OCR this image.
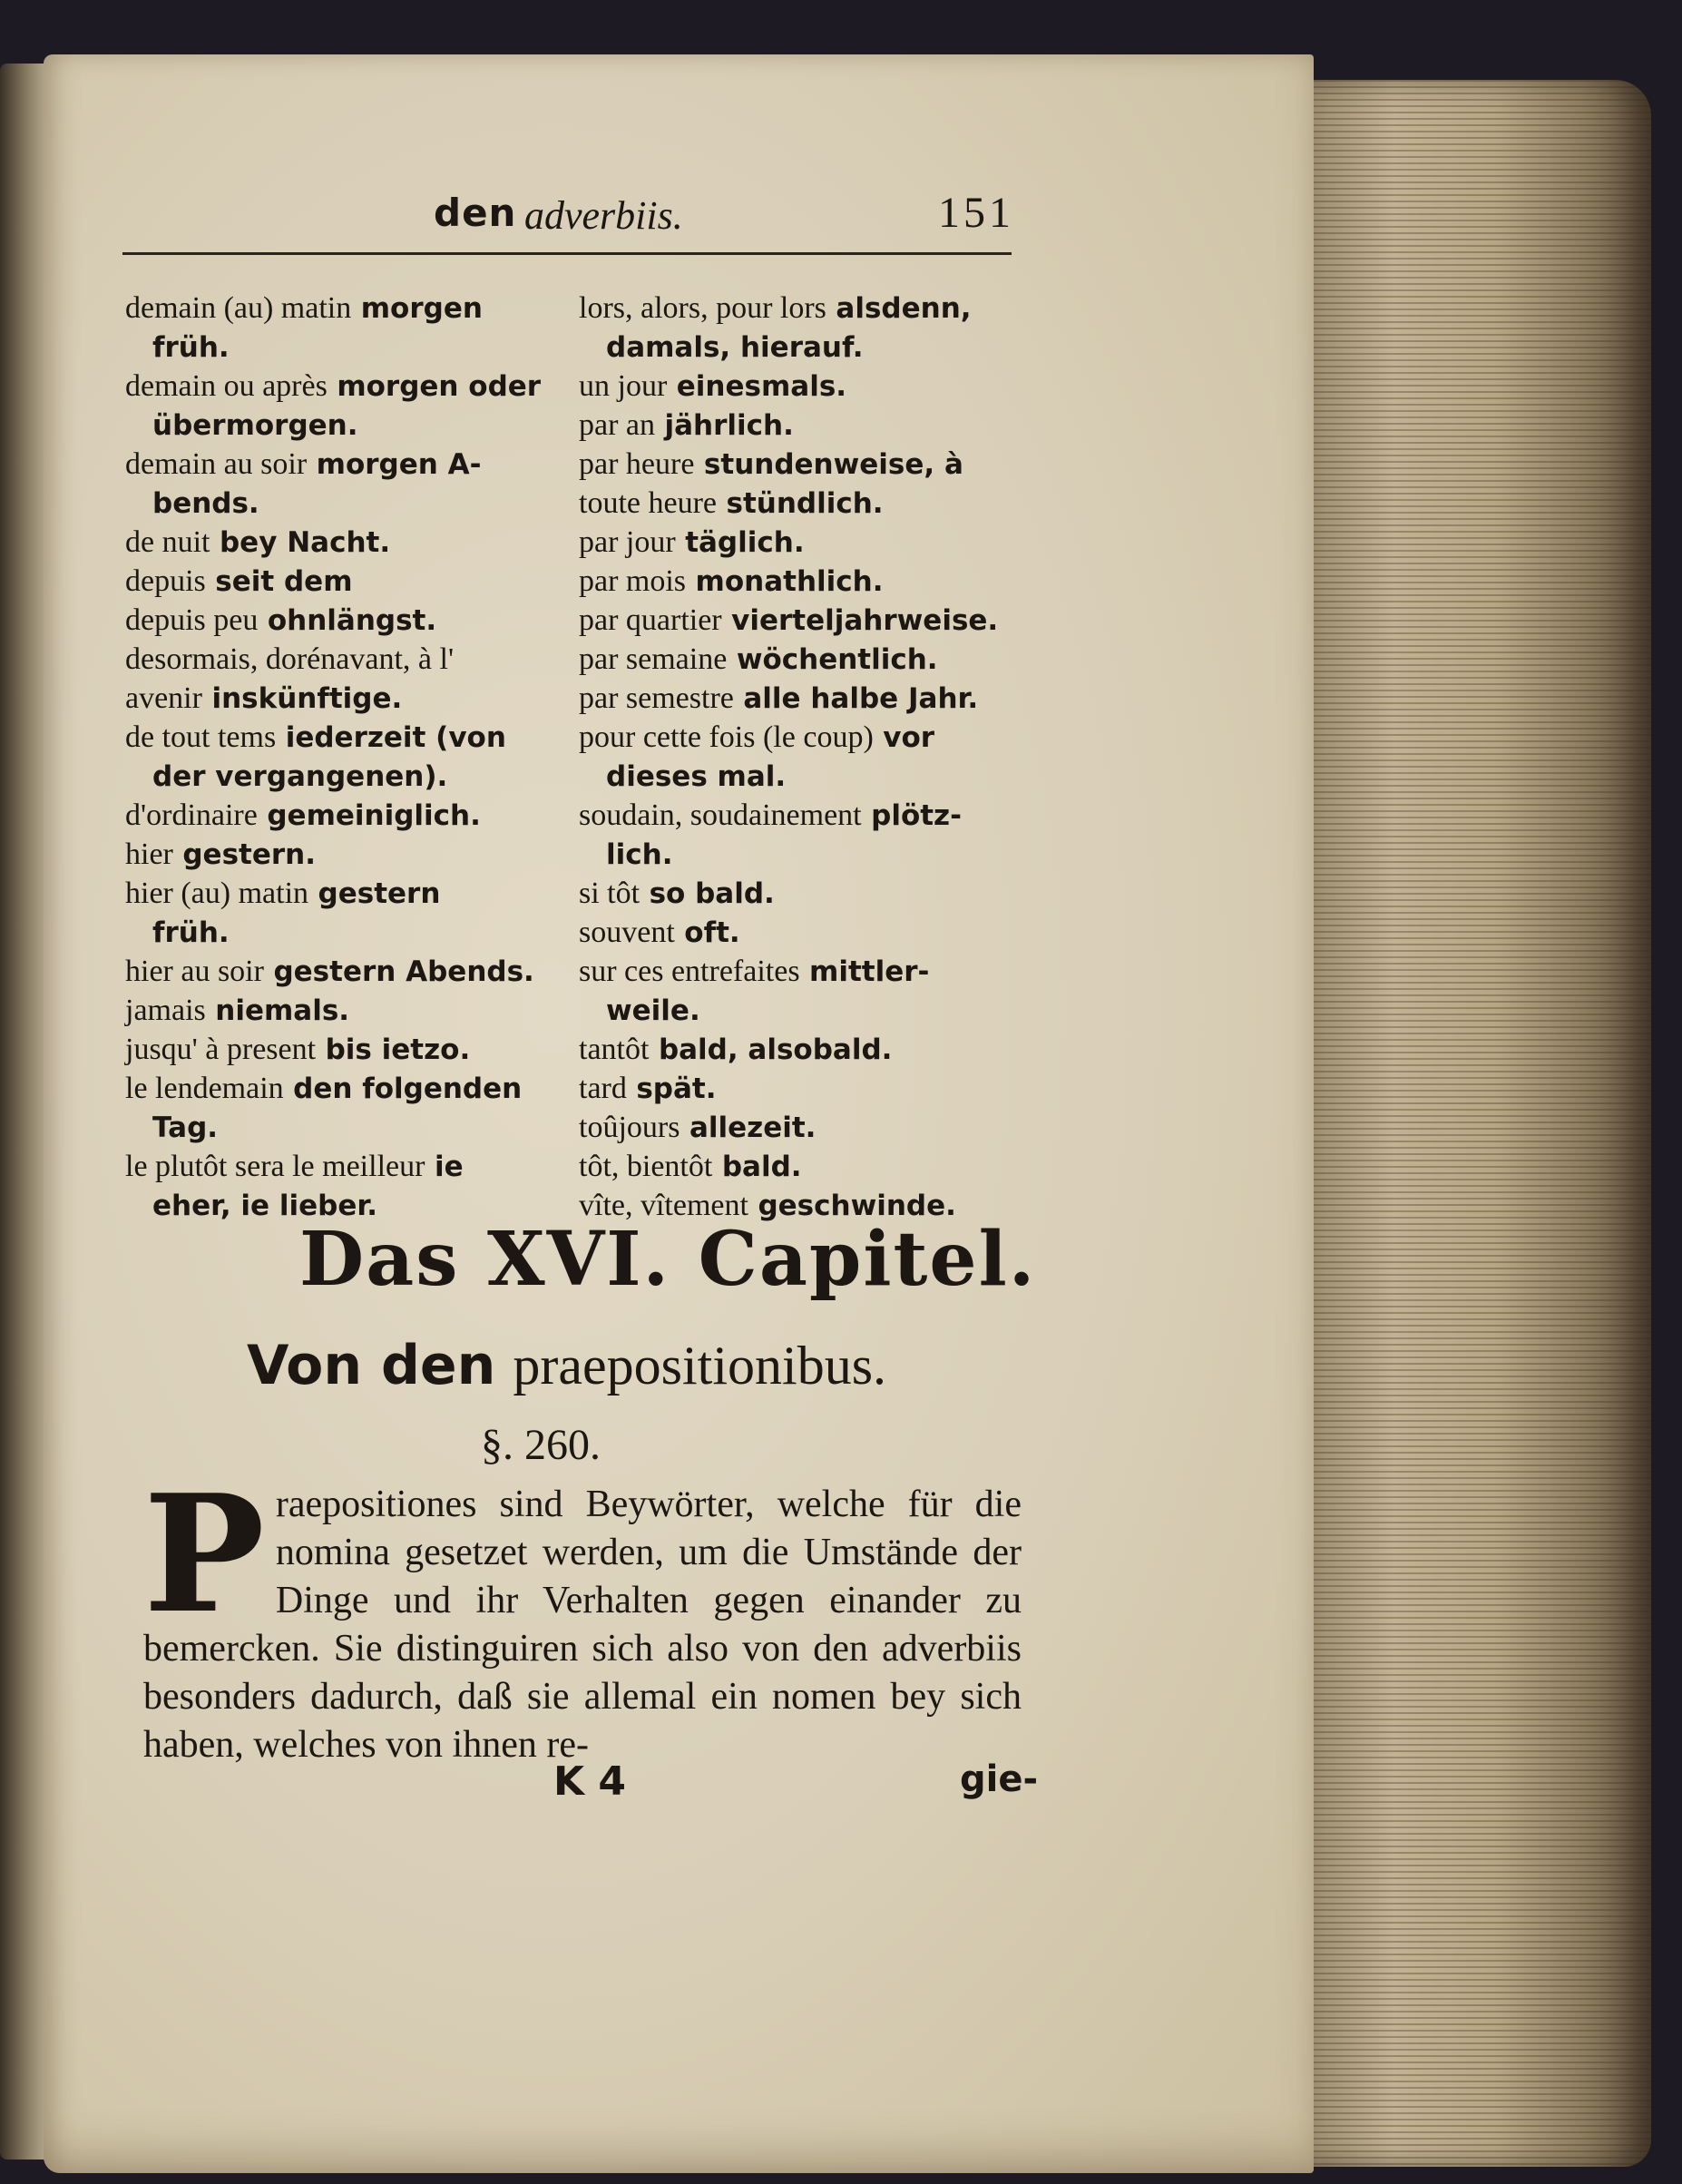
den adverbiis.	151
demain (au) matin morgen
früh.
demain ou après morgen oder
übermorgen.
demain au soir morgen A-
bends.
de nuit bey Nacht.
depuis seit dem
depuis peu ohnlängst.
desormais, dorénavant, à l'
avenir inskünftige.
de tout tems iederzeit (von
der vergangenen).
d'ordinaire gemeiniglich.
hier gestern.
hier (au) matin gestern
früh.
hier au soir gestern Abends.
jamais niemals.
jusqu' à present bis ietzo.
le lendemain den folgenden
Tag.
le plutôt sera le meilleur ie
eher, ie lieber.
lors, alors, pour lors alsdenn,
damals, hierauf.
un jour einesmals.
par an jährlich.
par heure stundenweise, à
toute heure stündlich.
par jour täglich.
par mois monathlich.
par quartier vierteljahrweise.
par semaine wöchentlich.
par semestre alle halbe Jahr.
pour cette fois (le coup) vor
dieses mal.
soudain, soudainement plötz-
lich.
si tôt so bald.
souvent oft.
sur ces entrefaites mittler-
weile.
tantôt bald, alsobald.
tard spät.
toûjours allezeit.
tôt, bientôt bald.
vîte, vîtement geschwinde.
Das XVI. Capitel.
Von den praepositionibus.
§. 260.
Praepositiones sind Beywörter, welche für die nomina gesetzet werden, um die Umstände der Dinge und ihr Verhalten gegen einander zu bemercken. Sie distinguiren sich also von den adverbiis besonders dadurch, daß sie allemal ein nomen bey sich haben, welches von ihnen re-
K 4	gie-
